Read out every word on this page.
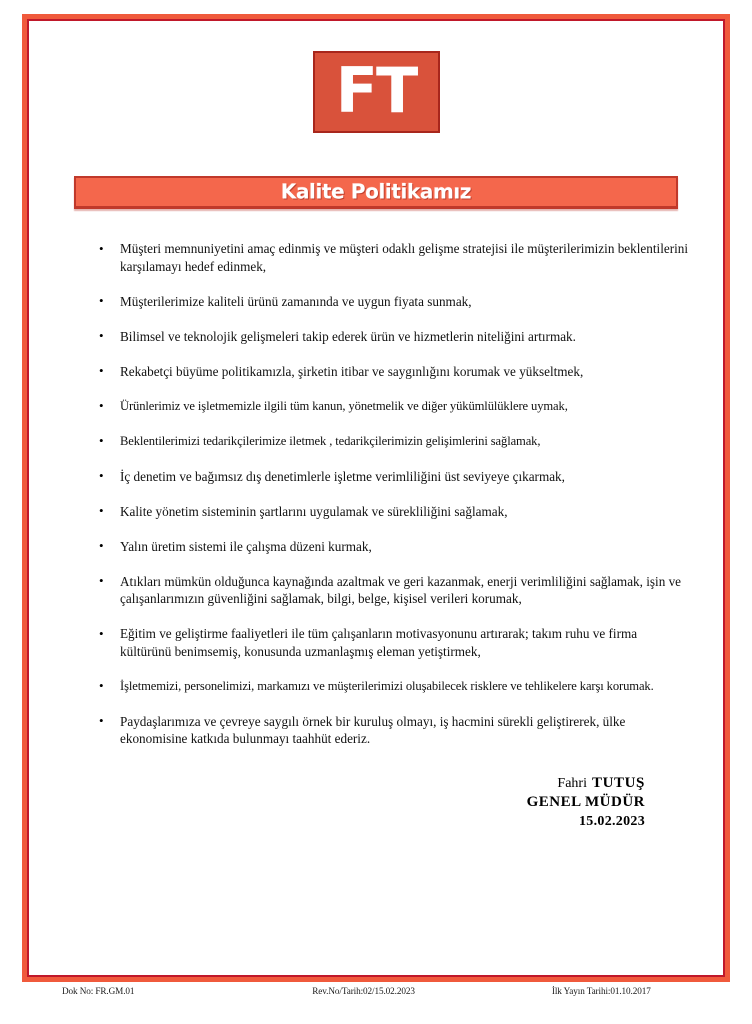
FT
Kalite Politikamız
• Müşteri memnuniyetini amaç edinmiş ve müşteri odaklı gelişme stratejisi ile müşterilerimizin beklentilerini karşılamayı hedef edinmek,
• Müşterilerimize kaliteli ürünü zamanında ve uygun fiyata sunmak,
• Bilimsel ve teknolojik gelişmeleri takip ederek ürün ve hizmetlerin niteliğini artırmak.
• Rekabetçi büyüme politikamızla, şirketin itibar ve saygınlığını korumak ve yükseltmek,
• Ürünlerimiz ve işletmemizle ilgili tüm kanun, yönetmelik ve diğer yükümlülüklere uymak,
• Beklentilerimizi tedarikçilerimize iletmek , tedarikçilerimizin gelişimlerini sağlamak,
• İç denetim ve bağımsız dış denetimlerle işletme verimliliğini üst seviyeye çıkarmak,
• Kalite yönetim sisteminin şartlarını uygulamak ve sürekliliğini sağlamak,
• Yalın üretim sistemi ile çalışma düzeni kurmak,
• Atıkları mümkün olduğunca kaynağında azaltmak ve geri kazanmak, enerji verimliliğini sağlamak, işin ve çalışanlarımızın güvenliğini sağlamak, bilgi, belge, kişisel verileri korumak,
• Eğitim ve geliştirme faaliyetleri ile tüm çalışanların motivasyonunu artırarak; takım ruhu ve firma kültürünü benimsemiş, konusunda uzmanlaşmış eleman yetiştirmek,
• İşletmemizi, personelimizi, markamızı ve müşterilerimizi oluşabilecek risklere ve tehlikelere karşı korumak.
• Paydaşlarımıza ve çevreye saygılı örnek bir kuruluş olmayı, iş hacmini sürekli geliştirerek, ülke ekonomisine katkıda bulunmayı taahhüt ederiz.
Fahri TUTUŞ
GENEL MÜDÜR
15.02.2023
Dok No: FR.GM.01	Rev.No/Tarih:02/15.02.2023	İlk Yayın Tarihi:01.10.2017
